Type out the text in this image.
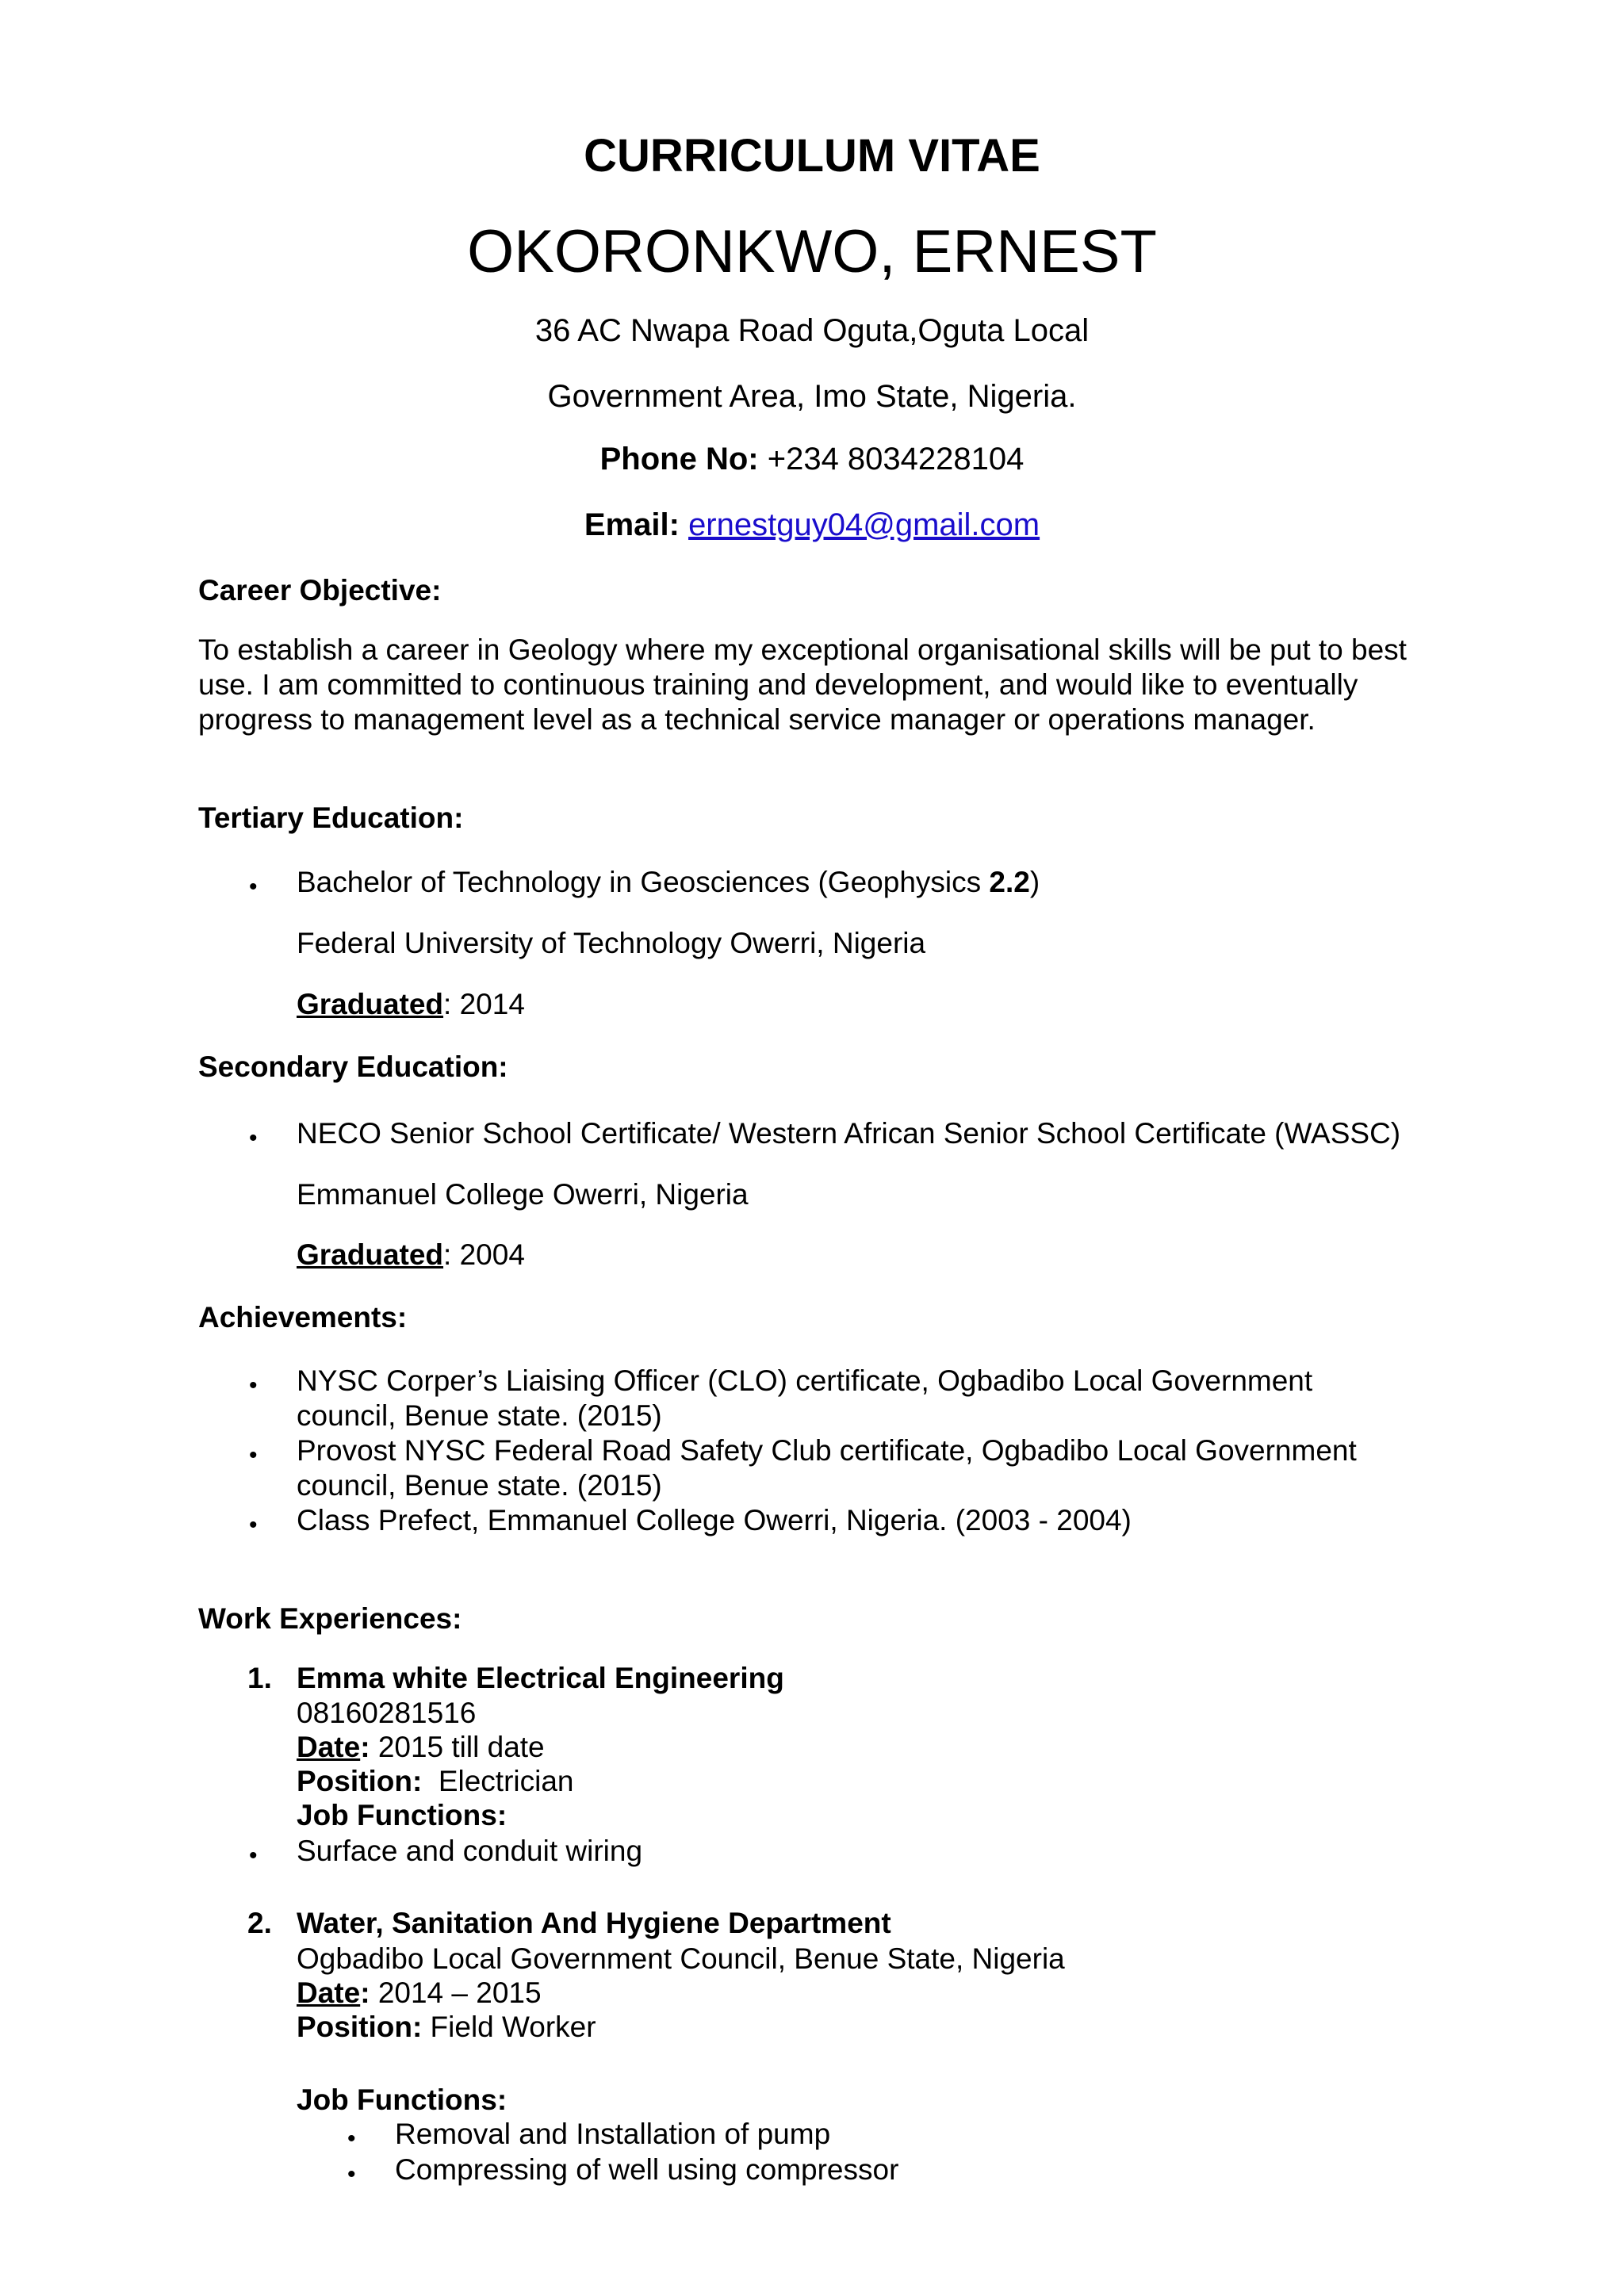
CURRICULUM VITAE
OKORONKWO, ERNEST
36 AC Nwapa Road Oguta,Oguta Local
Government Area, Imo State, Nigeria.
Phone No: +234 8034228104
Email: ernestguy04@gmail.com
Career Objective:
To establish a career in Geology where my exceptional organisational skills will be put to best use. I am committed to continuous training and development, and would like to eventually progress to management level as a technical service manager or operations manager.
Tertiary Education:
• Bachelor of Technology in Geosciences (Geophysics 2.2)
Federal University of Technology Owerri, Nigeria
Graduated: 2014
Secondary Education:
• NECO Senior School Certificate/ Western African Senior School Certificate (WASSC)
Emmanuel College Owerri, Nigeria
Graduated: 2004
Achievements:
• NYSC Corper’s Liaising Officer (CLO) certificate, Ogbadibo Local Government
council, Benue state. (2015)
• Provost NYSC Federal Road Safety Club certificate, Ogbadibo Local Government
council, Benue state. (2015)
• Class Prefect, Emmanuel College Owerri, Nigeria. (2003 - 2004)
Work Experiences:
1. Emma white Electrical Engineering
08160281516
Date: 2015 till date
Position: Electrician
Job Functions:
• Surface and conduit wiring
2. Water, Sanitation And Hygiene Department
Ogbadibo Local Government Council, Benue State, Nigeria
Date: 2014 – 2015
Position: Field Worker
Job Functions:
• Removal and Installation of pump
• Compressing of well using compressor
